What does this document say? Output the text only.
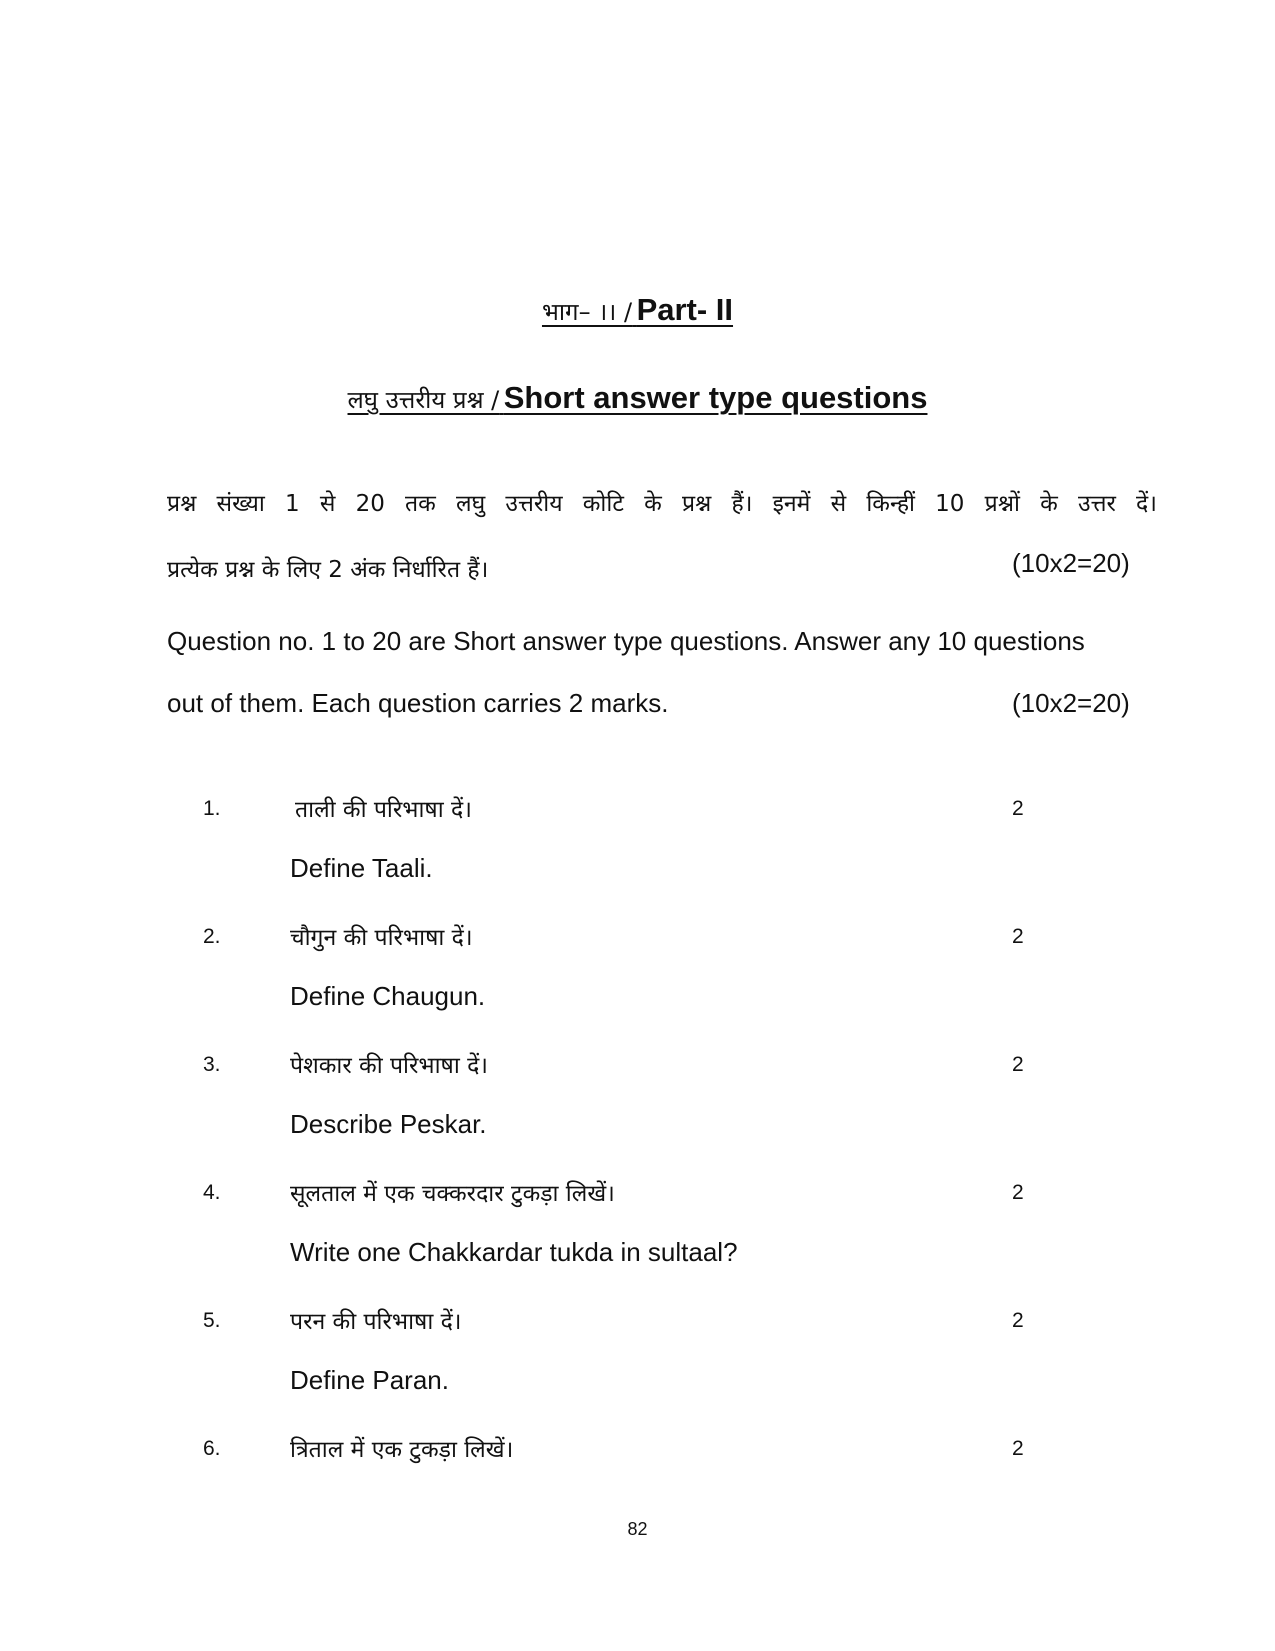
भाग– ।। / Part- II
लघु उत्तरीय प्रश्न / Short answer type questions
प्रश्न संख्या 1 से 20 तक लघु उत्तरीय कोटि के प्रश्न हैं। इनमें से किन्हीं 10 प्रश्नों के उत्तर दें।
प्रत्येक प्रश्न के लिए 2 अंक निर्धारित हैं।	(10x2=20)
Question no. 1 to 20 are Short answer type questions. Answer any 10 questions
out of them. Each question carries 2 marks.	(10x2=20)
1.	ताली की परिभाषा दें।	2
Define Taali.
2.	चौगुन की परिभाषा दें।	2
Define Chaugun.
3.	पेशकार की परिभाषा दें।	2
Describe Peskar.
4.	सूलताल में एक चक्करदार टुकड़ा लिखें।	2
Write one Chakkardar tukda in sultaal?
5.	परन की परिभाषा दें।	2
Define Paran.
6.	त्रिताल में एक टुकड़ा लिखें।	2
82
